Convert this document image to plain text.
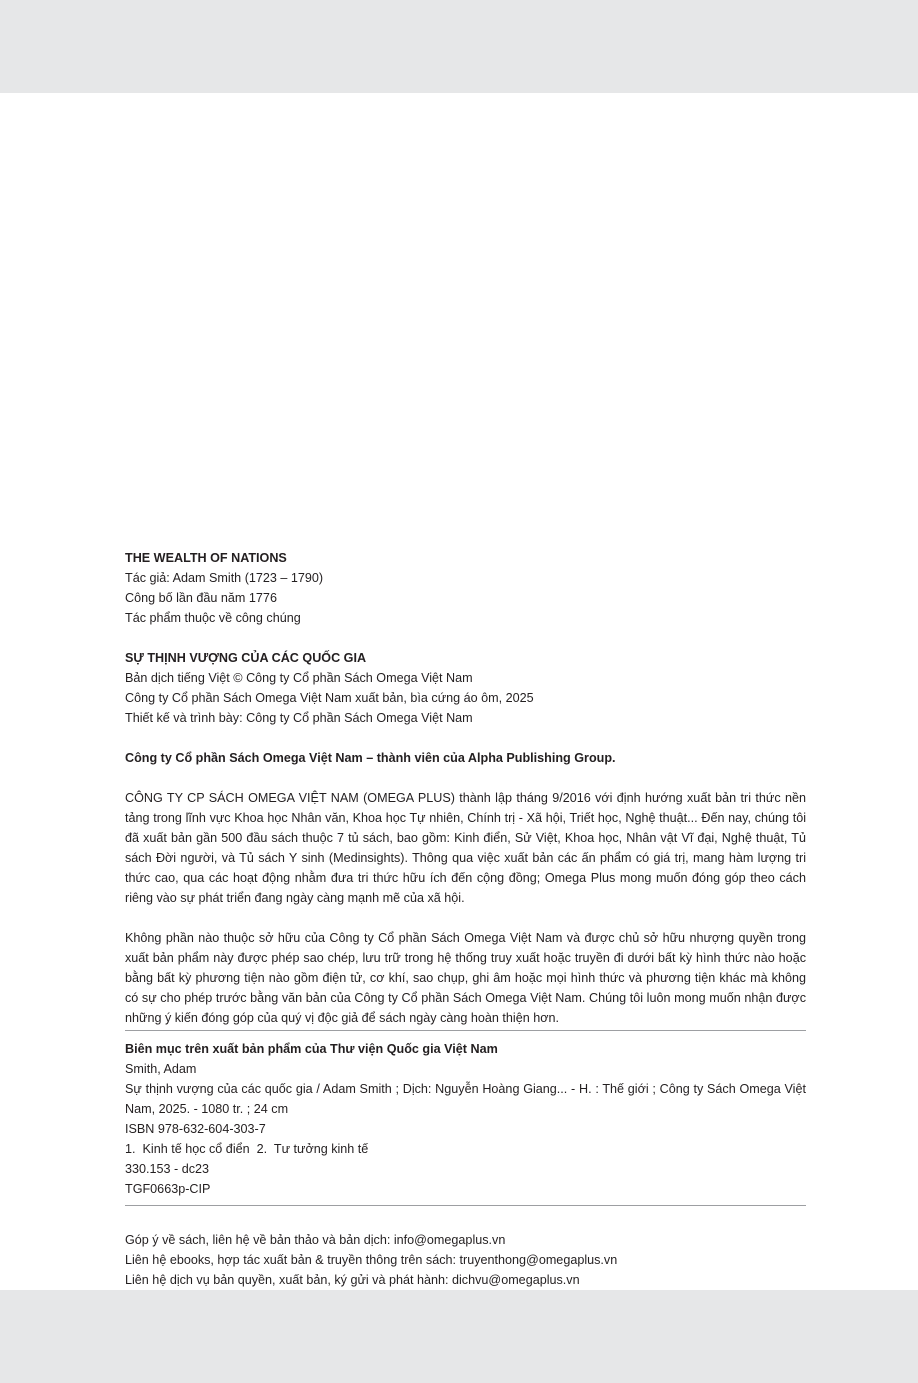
THE WEALTH OF NATIONS

Tác giả: Adam Smith (1723 – 1790)

Công bố lần đầu năm 1776

Tác phẩm thuộc về công chúng

SỰ THỊNH VƯỢNG CỦA CÁC QUỐC GIA

Bản dịch tiếng Việt © Công ty Cổ phần Sách Omega Việt Nam

Công ty Cổ phần Sách Omega Việt Nam xuất bản, bìa cứng áo ôm, 2025

Thiết kế và trình bày: Công ty Cổ phần Sách Omega Việt Nam

Công ty Cổ phần Sách Omega Việt Nam – thành viên của Alpha Publishing Group.

CÔNG TY CP SÁCH OMEGA VIỆT NAM (OMEGA PLUS) thành lập tháng 9/2016 với định hướng xuất bản tri thức nền tảng trong lĩnh vực Khoa học Nhân văn, Khoa học Tự nhiên, Chính trị - Xã hội, Triết học, Nghệ thuật... Đến nay, chúng tôi đã xuất bản gần 500 đầu sách thuộc 7 tủ sách, bao gồm: Kinh điển, Sử Việt, Khoa học, Nhân vật Vĩ đại, Nghệ thuật, Tủ sách Đời người, và Tủ sách Y sinh (Medinsights). Thông qua việc xuất bản các ấn phẩm có giá trị, mang hàm lượng tri thức cao, qua các hoạt động nhằm đưa tri thức hữu ích đến cộng đồng; Omega Plus mong muốn đóng góp theo cách riêng vào sự phát triển đang ngày càng mạnh mẽ của xã hội.

Không phần nào thuộc sở hữu của Công ty Cổ phần Sách Omega Việt Nam và được chủ sở hữu nhượng quyền trong xuất bản phẩm này được phép sao chép, lưu trữ trong hệ thống truy xuất hoặc truyền đi dưới bất kỳ hình thức nào hoặc bằng bất kỳ phương tiện nào gồm điện tử, cơ khí, sao chụp, ghi âm hoặc mọi hình thức và phương tiện khác mà không có sự cho phép trước bằng văn bản của Công ty Cổ phần Sách Omega Việt Nam. Chúng tôi luôn mong muốn nhận được những ý kiến đóng góp của quý vị độc giả để sách ngày càng hoàn thiện hơn.

Biên mục trên xuất bản phẩm của Thư viện Quốc gia Việt Nam

Smith, Adam

Sự thịnh vượng của các quốc gia / Adam Smith ; Dịch: Nguyễn Hoàng Giang... - H. : Thế giới ; Công ty Sách Omega Việt Nam, 2025. - 1080 tr. ; 24 cm

ISBN 978-632-604-303-7

1.  Kinh tế học cổ điển  2.  Tư tưởng kinh tế

330.153 - dc23

TGF0663p-CIP

Góp ý về sách, liên hệ về bản thảo và bản dịch: info@omegaplus.vn

Liên hệ ebooks, hợp tác xuất bản & truyền thông trên sách: truyenthong@omegaplus.vn

Liên hệ dịch vụ bản quyền, xuất bản, ký gửi và phát hành: dichvu@omegaplus.vn
